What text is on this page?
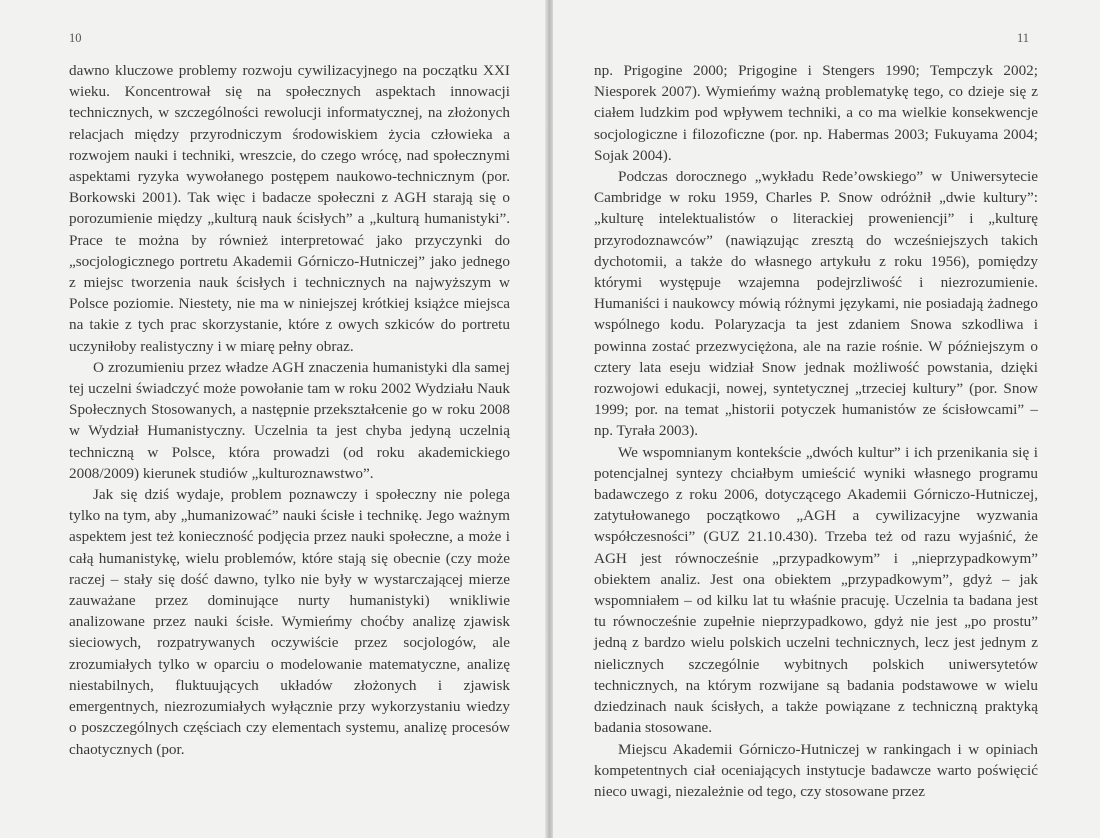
10

dawno kluczowe problemy rozwoju cywilizacyjnego na początku XXI wieku. Koncentrował się na społecznych aspektach innowacji technicznych, w szczególności rewolucji informatycznej, na złożonych relacjach między przyrodniczym środowiskiem życia człowieka a rozwojem nauki i techniki, wreszcie, do czego wrócę, nad społecznymi aspektami ryzyka wywołanego postępem naukowo-technicznym (por. Borkowski 2001). Tak więc i badacze społeczni z AGH starają się o porozumienie między „kulturą nauk ścisłych” a „kulturą humanistyki”. Prace te można by również interpretować jako przyczynki do „socjologicznego portretu Akademii Górniczo-Hutniczej” jako jednego z miejsc tworzenia nauk ścisłych i technicznych na najwyższym w Polsce poziomie. Niestety, nie ma w niniejszej krótkiej książce miejsca na takie z tych prac skorzystanie, które z owych szkiców do portretu uczyniłoby realistyczny i w miarę pełny obraz.

O zrozumieniu przez władze AGH znaczenia humanistyki dla samej tej uczelni świadczyć może powołanie tam w roku 2002 Wydziału Nauk Społecznych Stosowanych, a następnie przekształcenie go w roku 2008 w Wydział Humanistyczny. Uczelnia ta jest chyba jedyną uczelnią techniczną w Polsce, która prowadzi (od roku akademickiego 2008/2009) kierunek studiów „kulturoznawstwo”.

Jak się dziś wydaje, problem poznawczy i społeczny nie polega tylko na tym, aby „humanizować” nauki ścisłe i technikę. Jego ważnym aspektem jest też konieczność podjęcia przez nauki społeczne, a może i całą humanistykę, wielu problemów, które stają się obecnie (czy może raczej – stały się dość dawno, tylko nie były w wystarczającej mierze zauważane przez dominujące nurty humanistyki) wnikliwie analizowane przez nauki ścisłe. Wymieńmy choćby analizę zjawisk sieciowych, rozpatrywanych oczywiście przez socjologów, ale zrozumiałych tylko w oparciu o modelowanie matematyczne, analizę niestabilnych, fluktuujących układów złożonych i zjawisk emergentnych, niezrozumiałych wyłącznie przy wykorzystaniu wiedzy o poszczególnych częściach czy elementach systemu, analizę procesów chaotycznych (por.

11

np. Prigogine 2000; Prigogine i Stengers 1990; Tempczyk 2002; Niesporek 2007). Wymieńmy ważną problematykę tego, co dzieje się z ciałem ludzkim pod wpływem techniki, a co ma wielkie konsekwencje socjologiczne i filozoficzne (por. np. Habermas 2003; Fukuyama 2004; Sojak 2004).

Podczas dorocznego „wykładu Rede’owskiego” w Uniwersytecie Cambridge w roku 1959, Charles P. Snow odróżnił „dwie kultury”: „kulturę intelektualistów o literackiej proweniencji” i „kulturę przyrodoznawców” (nawiązując zresztą do wcześniejszych takich dychotomii, a także do własnego artykułu z roku 1956), pomiędzy którymi występuje wzajemna podejrzliwość i niezrozumienie. Humaniści i naukowcy mówią różnymi językami, nie posiadają żadnego wspólnego kodu. Polaryzacja ta jest zdaniem Snowa szkodliwa i powinna zostać przezwyciężona, ale na razie rośnie. W późniejszym o cztery lata eseju widział Snow jednak możliwość powstania, dzięki rozwojowi edukacji, nowej, syntetycznej „trzeciej kultury” (por. Snow 1999; por. na temat „historii potyczek humanistów ze ścisłowcami” – np. Tyrała 2003).

We wspomnianym kontekście „dwóch kultur” i ich przenikania się i potencjalnej syntezy chciałbym umieścić wyniki własnego programu badawczego z roku 2006, dotyczącego Akademii Górniczo-Hutniczej, zatytułowanego początkowo „AGH a cywilizacyjne wyzwania współczesności” (GUZ 21.10.430). Trzeba też od razu wyjaśnić, że AGH jest równocześnie „przypadkowym” i „nieprzypadkowym” obiektem analiz. Jest ona obiektem „przypadkowym”, gdyż – jak wspomniałem – od kilku lat tu właśnie pracuję. Uczelnia ta badana jest tu równocześnie zupełnie nieprzypadkowo, gdyż nie jest „po prostu” jedną z bardzo wielu polskich uczelni technicznych, lecz jest jednym z nielicznych szczególnie wybitnych polskich uniwersytetów technicznych, na którym rozwijane są badania podstawowe w wielu dziedzinach nauk ścisłych, a także powiązane z techniczną praktyką badania stosowane.

Miejscu Akademii Górniczo-Hutniczej w rankingach i w opiniach kompetentnych ciał oceniających instytucje badawcze warto poświęcić nieco uwagi, niezależnie od tego, czy stosowane przez
